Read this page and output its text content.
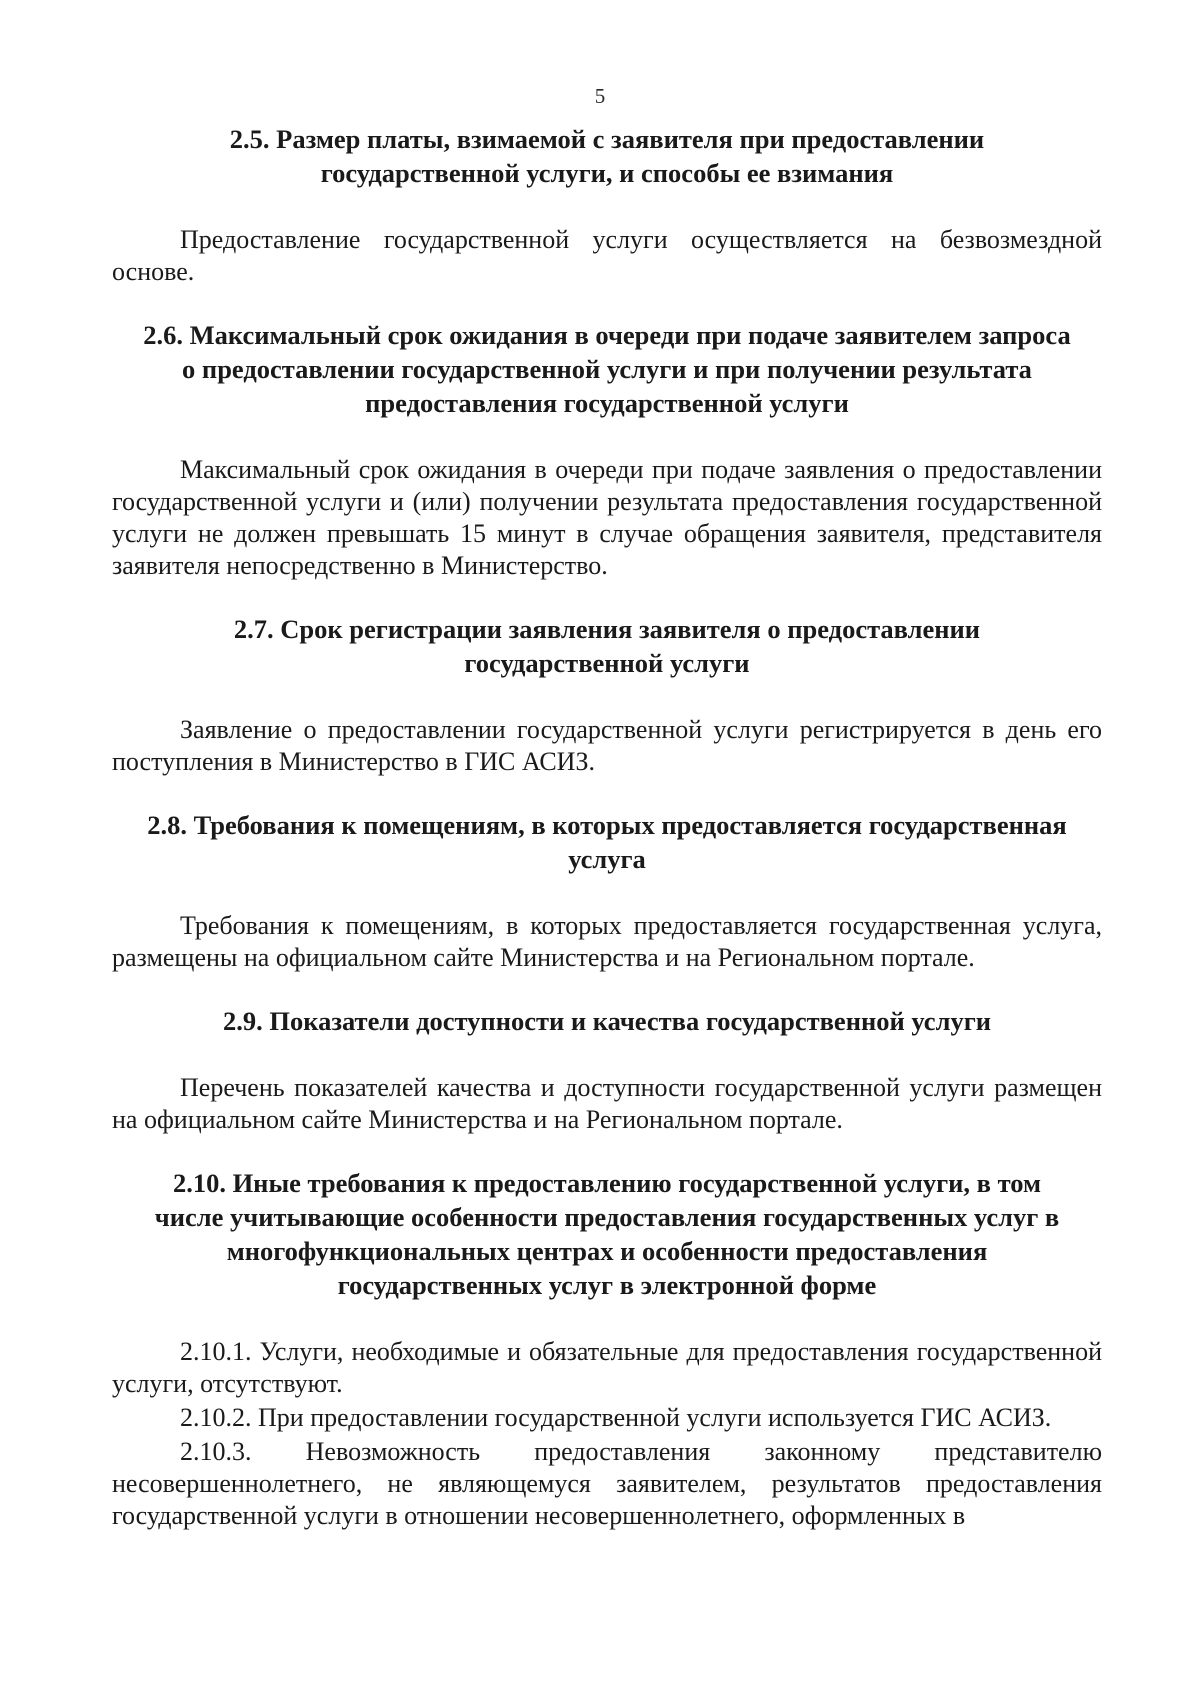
5
2.5. Размер платы, взимаемой с заявителя при предоставлении
государственной услуги, и способы ее взимания

Предоставление государственной услуги осуществляется на безвозмездной основе.

2.6. Максимальный срок ожидания в очереди при подаче заявителем запроса
о предоставлении государственной услуги и при получении результата
предоставления государственной услуги

Максимальный срок ожидания в очереди при подаче заявления о предоставлении государственной услуги и (или) получении результата предоставления государственной услуги не должен превышать 15 минут в случае обращения заявителя, представителя заявителя непосредственно в Министерство.

2.7. Срок регистрации заявления заявителя о предоставлении
государственной услуги

Заявление о предоставлении государственной услуги регистрируется в день его поступления в Министерство в ГИС АСИЗ.

2.8. Требования к помещениям, в которых предоставляется государственная
услуга

Требования к помещениям, в которых предоставляется государственная услуга, размещены на официальном сайте Министерства и на Региональном портале.

2.9. Показатели доступности и качества государственной услуги

Перечень показателей качества и доступности государственной услуги размещен на официальном сайте Министерства и на Региональном портале.

2.10. Иные требования к предоставлению государственной услуги, в том
числе учитывающие особенности предоставления государственных услуг в
многофункциональных центрах и особенности предоставления
государственных услуг в электронной форме

2.10.1. Услуги, необходимые и обязательные для предоставления государственной услуги, отсутствуют.

2.10.2. При предоставлении государственной услуги используется ГИС АСИЗ.

2.10.3. Невозможность предоставления законному представителю несовершеннолетнего, не являющемуся заявителем, результатов предоставления государственной услуги в отношении несовершеннолетнего, оформленных в
